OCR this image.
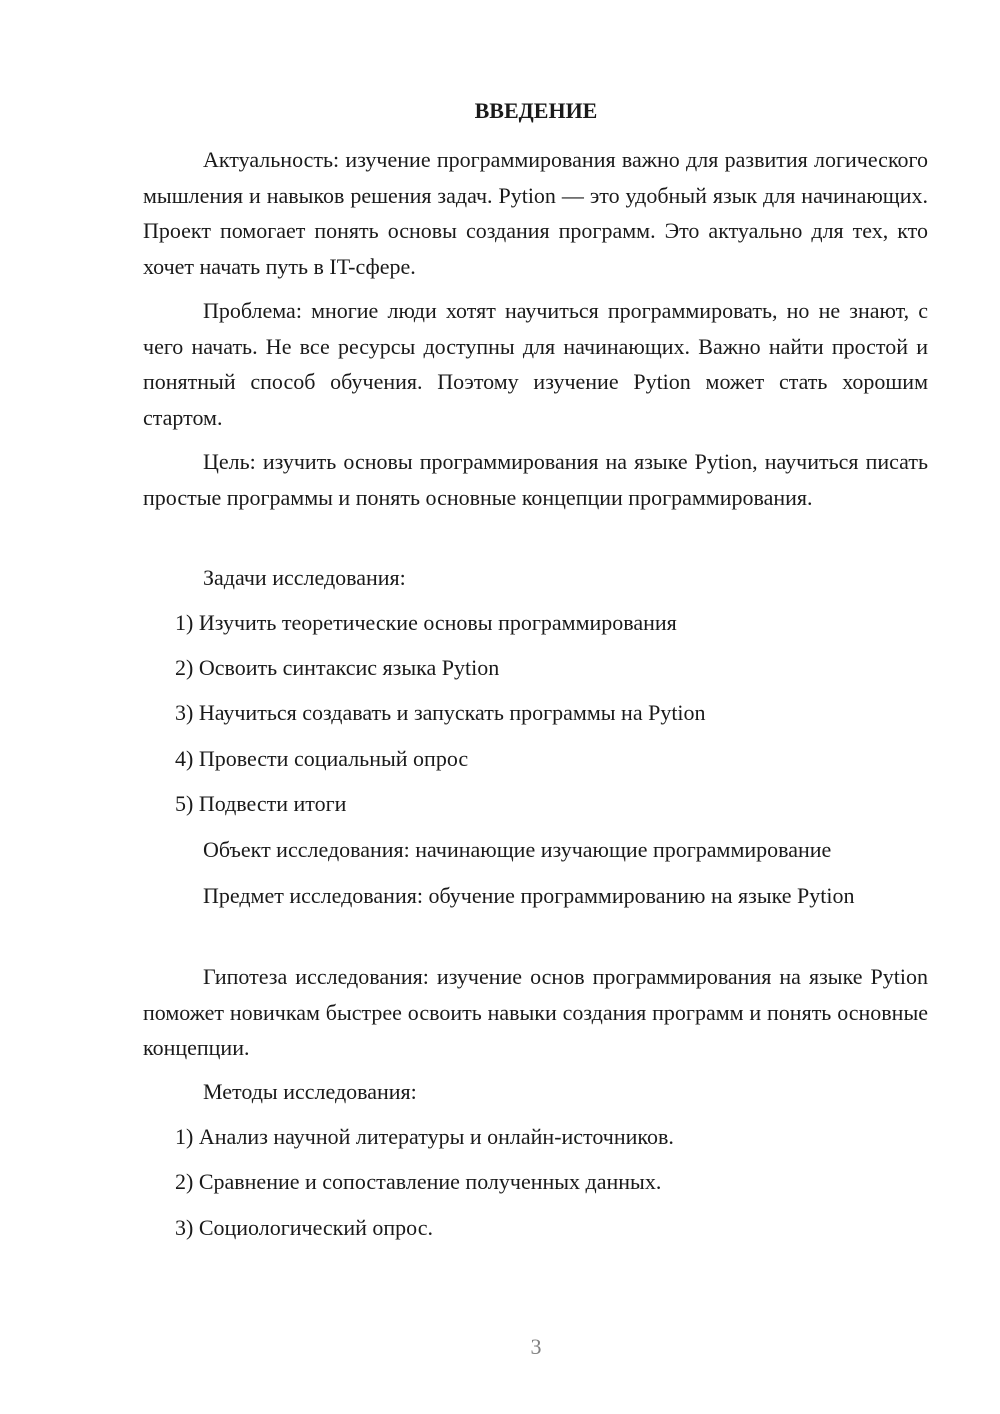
ВВЕДЕНИЕ
Актуальность: изучение программирования важно для развития логического мышления и навыков решения задач. Pytion — это удобный язык для начинающих. Проект помогает понять основы создания программ. Это актуально для тех, кто хочет начать путь в IT-сфере.
Проблема: многие люди хотят научиться программировать, но не знают, с чего начать. Не все ресурсы доступны для начинающих. Важно найти простой и понятный способ обучения. Поэтому изучение Pytion может стать хорошим стартом.
Цель: изучить основы программирования на языке Pytion, научиться писать простые программы и понять основные концепции программирования.
Задачи исследования:
1) Изучить теоретические основы программирования
2) Освоить синтаксис языка Pytion
3) Научиться создавать и запускать программы на Pytion
4) Провести социальный опрос
5) Подвести итоги
Объект исследования: начинающие изучающие программирование
Предмет исследования: обучение программированию на языке Pytion
Гипотеза исследования: изучение основ программирования на языке Pytion поможет новичкам быстрее освоить навыки создания программ и понять основные концепции.
Методы исследования:
1) Анализ научной литературы и онлайн-источников.
2) Сравнение и сопоставление полученных данных.
3) Социологический опрос.
3
